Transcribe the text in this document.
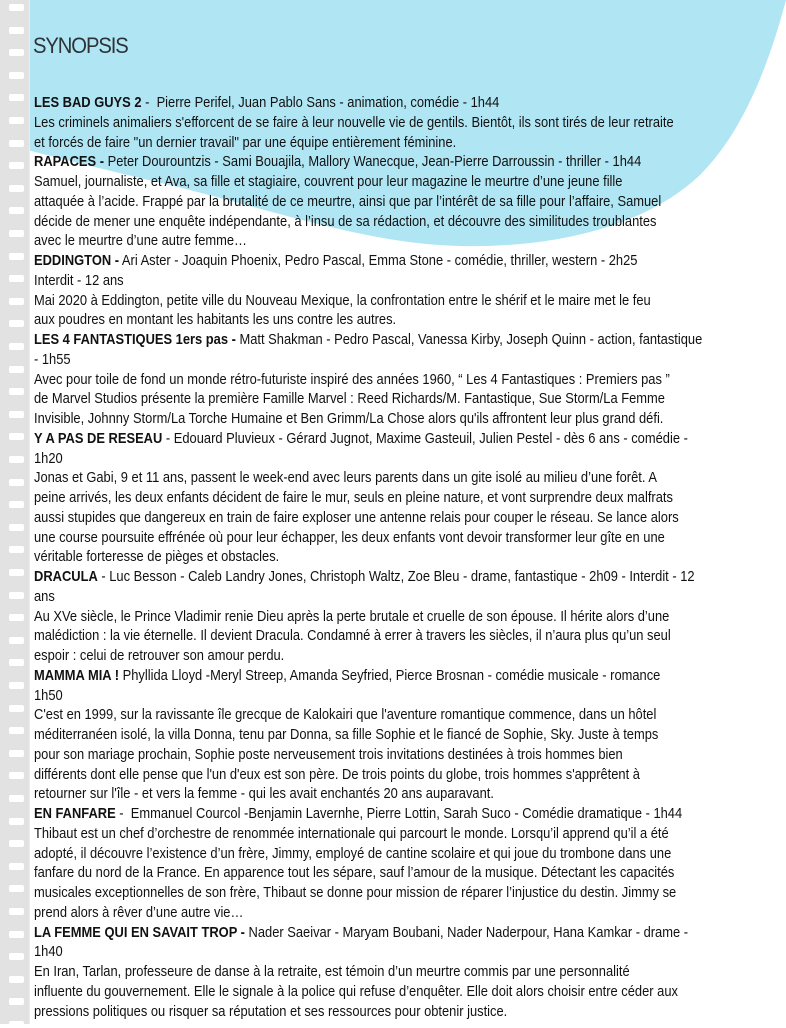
SYNOPSIS
LES BAD GUYS 2 -  Pierre Perifel, Juan Pablo Sans - animation, comédie - 1h44
Les criminels animaliers s'efforcent de se faire à leur nouvelle vie de gentils. Bientôt, ils sont tirés de leur retraite
et forcés de faire "un dernier travail" par une équipe entièrement féminine.
RAPACES - Peter Dourountzis - Sami Bouajila, Mallory Wanecque, Jean-Pierre Darroussin - thriller - 1h44
Samuel, journaliste, et Ava, sa fille et stagiaire, couvrent pour leur magazine le meurtre d’une jeune fille
attaquée à l’acide. Frappé par la brutalité de ce meurtre, ainsi que par l’intérêt de sa fille pour l’affaire, Samuel
décide de mener une enquête indépendante, à l’insu de sa rédaction, et découvre des similitudes troublantes
avec le meurtre d’une autre femme…
EDDINGTON - Ari Aster - Joaquin Phoenix, Pedro Pascal, Emma Stone - comédie, thriller, western - 2h25
Interdit - 12 ans
Mai 2020 à Eddington, petite ville du Nouveau Mexique, la confrontation entre le shérif et le maire met le feu
aux poudres en montant les habitants les uns contre les autres.
LES 4 FANTASTIQUES 1ers pas - Matt Shakman - Pedro Pascal, Vanessa Kirby, Joseph Quinn - action, fantastique
- 1h55
Avec pour toile de fond un monde rétro-futuriste inspiré des années 1960, “ Les 4 Fantastiques : Premiers pas ”
de Marvel Studios présente la première Famille Marvel : Reed Richards/M. Fantastique, Sue Storm/La Femme
Invisible, Johnny Storm/La Torche Humaine et Ben Grimm/La Chose alors qu'ils affrontent leur plus grand défi.
Y A PAS DE RESEAU - Edouard Pluvieux - Gérard Jugnot, Maxime Gasteuil, Julien Pestel - dès 6 ans - comédie -
1h20
Jonas et Gabi, 9 et 11 ans, passent le week-end avec leurs parents dans un gite isolé au milieu d’une forêt. A
peine arrivés, les deux enfants décident de faire le mur, seuls en pleine nature, et vont surprendre deux malfrats
aussi stupides que dangereux en train de faire exploser une antenne relais pour couper le réseau. Se lance alors
une course poursuite effrénée où pour leur échapper, les deux enfants vont devoir transformer leur gîte en une
véritable forteresse de pièges et obstacles.
DRACULA - Luc Besson - Caleb Landry Jones, Christoph Waltz, Zoe Bleu - drame, fantastique - 2h09 - Interdit - 12
ans
Au XVe siècle, le Prince Vladimir renie Dieu après la perte brutale et cruelle de son épouse. Il hérite alors d’une
malédiction : la vie éternelle. Il devient Dracula. Condamné à errer à travers les siècles, il n’aura plus qu’un seul
espoir : celui de retrouver son amour perdu.
MAMMA MIA ! Phyllida Lloyd -Meryl Streep, Amanda Seyfried, Pierce Brosnan - comédie musicale - romance
1h50
C'est en 1999, sur la ravissante île grecque de Kalokairi que l'aventure romantique commence, dans un hôtel
méditerranéen isolé, la villa Donna, tenu par Donna, sa fille Sophie et le fiancé de Sophie, Sky. Juste à temps
pour son mariage prochain, Sophie poste nerveusement trois invitations destinées à trois hommes bien
différents dont elle pense que l'un d'eux est son père. De trois points du globe, trois hommes s'apprêtent à
retourner sur l'île - et vers la femme - qui les avait enchantés 20 ans auparavant.
EN FANFARE -  Emmanuel Courcol -Benjamin Lavernhe, Pierre Lottin, Sarah Suco - Comédie dramatique - 1h44
Thibaut est un chef d’orchestre de renommée internationale qui parcourt le monde. Lorsqu’il apprend qu’il a été
adopté, il découvre l’existence d’un frère, Jimmy, employé de cantine scolaire et qui joue du trombone dans une
fanfare du nord de la France. En apparence tout les sépare, sauf l’amour de la musique. Détectant les capacités
musicales exceptionnelles de son frère, Thibaut se donne pour mission de réparer l’injustice du destin. Jimmy se
prend alors à rêver d’une autre vie…
LA FEMME QUI EN SAVAIT TROP - Nader Saeivar - Maryam Boubani, Nader Naderpour, Hana Kamkar - drame -
1h40
En Iran, Tarlan, professeure de danse à la retraite, est témoin d’un meurtre commis par une personnalité
influente du gouvernement. Elle le signale à la police qui refuse d’enquêter. Elle doit alors choisir entre céder aux
pressions politiques ou risquer sa réputation et ses ressources pour obtenir justice.
